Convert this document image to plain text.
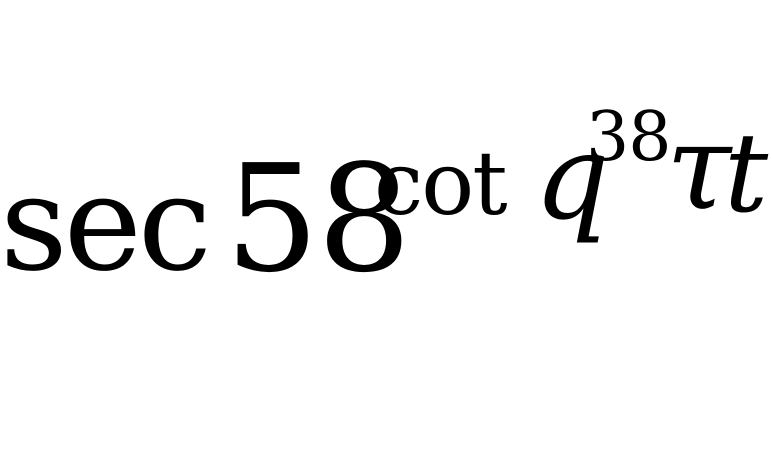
sec 58
cot q
38
τ
t
